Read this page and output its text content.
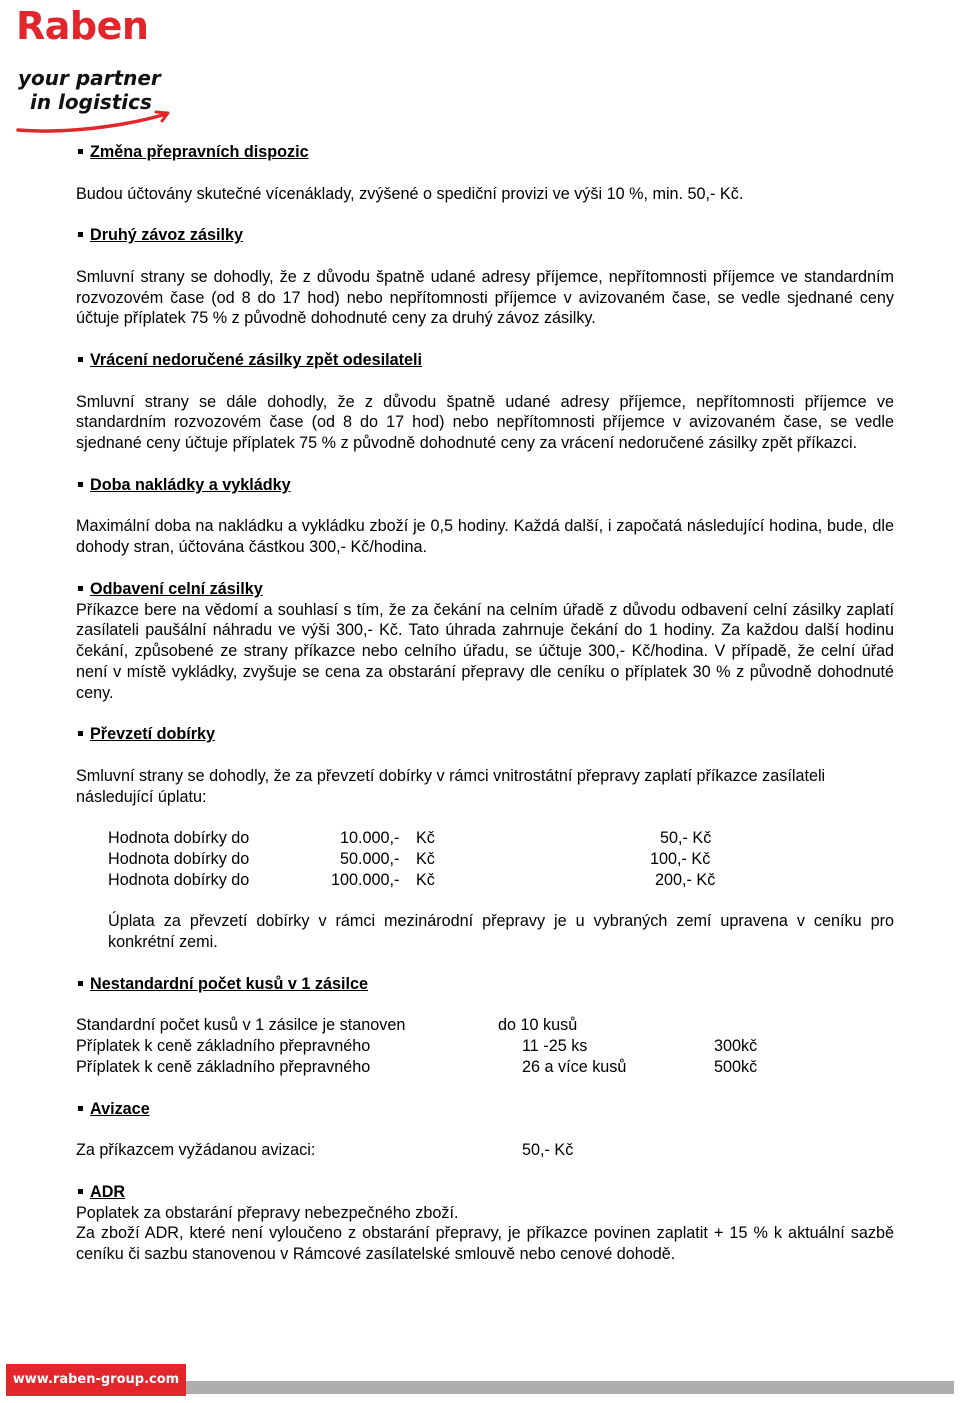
Raben
your partner
in logistics
Změna přepravních dispozic

Budou účtovány skutečné vícenáklady, zvýšené o spediční provizi ve výši 10 %, min. 50,- Kč.

Druhý závoz zásilky

Smluvní strany se dohodly, že z důvodu špatně udané adresy příjemce, nepřítomnosti příjemce ve standardním rozvozovém čase (od 8 do 17 hod) nebo nepřítomnosti příjemce v avizovaném čase, se vedle sjednané ceny účtuje příplatek 75 % z původně dohodnuté ceny za druhý závoz zásilky.

Vrácení nedoručené zásilky zpět odesilateli

Smluvní strany se dále dohodly, že z důvodu špatně udané adresy příjemce, nepřítomnosti příjemce ve standardním rozvozovém čase (od 8 do 17 hod) nebo nepřítomnosti příjemce v avizovaném čase, se vedle sjednané ceny účtuje příplatek 75 % z původně dohodnuté ceny za vrácení nedoručené zásilky zpět příkazci.

Doba nakládky a vykládky

Maximální doba na nakládku a vykládku zboží je 0,5 hodiny. Každá další, i započatá následující hodina, bude, dle dohody stran, účtována částkou 300,- Kč/hodina.

Odbavení celní zásilky

Příkazce bere na vědomí a souhlasí s tím, že za čekání na celním úřadě z důvodu odbavení celní zásilky zaplatí zasílateli paušální náhradu ve výši 300,- Kč. Tato úhrada zahrnuje čekání do 1 hodiny. Za každou další hodinu čekání, způsobené ze strany příkazce nebo celního úřadu, se účtuje 300,- Kč/hodina. V případě, že celní úřad není v místě vykládky, zvyšuje se cena za obstarání přepravy dle ceníku o příplatek 30 % z původně dohodnuté ceny.

Převzetí dobírky

Smluvní strany se dohodly, že za převzetí dobírky v rámci vnitrostátní přepravy zaplatí příkazce zasílateli následující úplatu:

Hodnota dobírky do	10.000,- Kč	50,- Kč
Hodnota dobírky do	50.000,- Kč	100,- Kč
Hodnota dobírky do	100.000,- Kč	200,- Kč

Úplata za převzetí dobírky v rámci mezinárodní přepravy je u vybraných zemí upravena v ceníku pro konkrétní zemi.

Nestandardní počet kusů v 1 zásilce
Standardní počet kusů v 1 zásilce je stanoven	do 10 kusů
Příplatek k ceně základního přepravného	11 -25 ks	300kč
Příplatek k ceně základního přepravného	26 a více kusů	500kč
Avizace
Za příkazcem vyžádanou avizaci:	50,- Kč
ADR

Poplatek za obstarání přepravy nebezpečného zboží.

Za zboží ADR, které není vyloučeno z obstarání přepravy, je příkazce povinen zaplatit + 15 % k aktuální sazbě ceníku či sazbu stanovenou v Rámcové zasílatelské smlouvě nebo cenové dohodě.

www.raben-group.com
